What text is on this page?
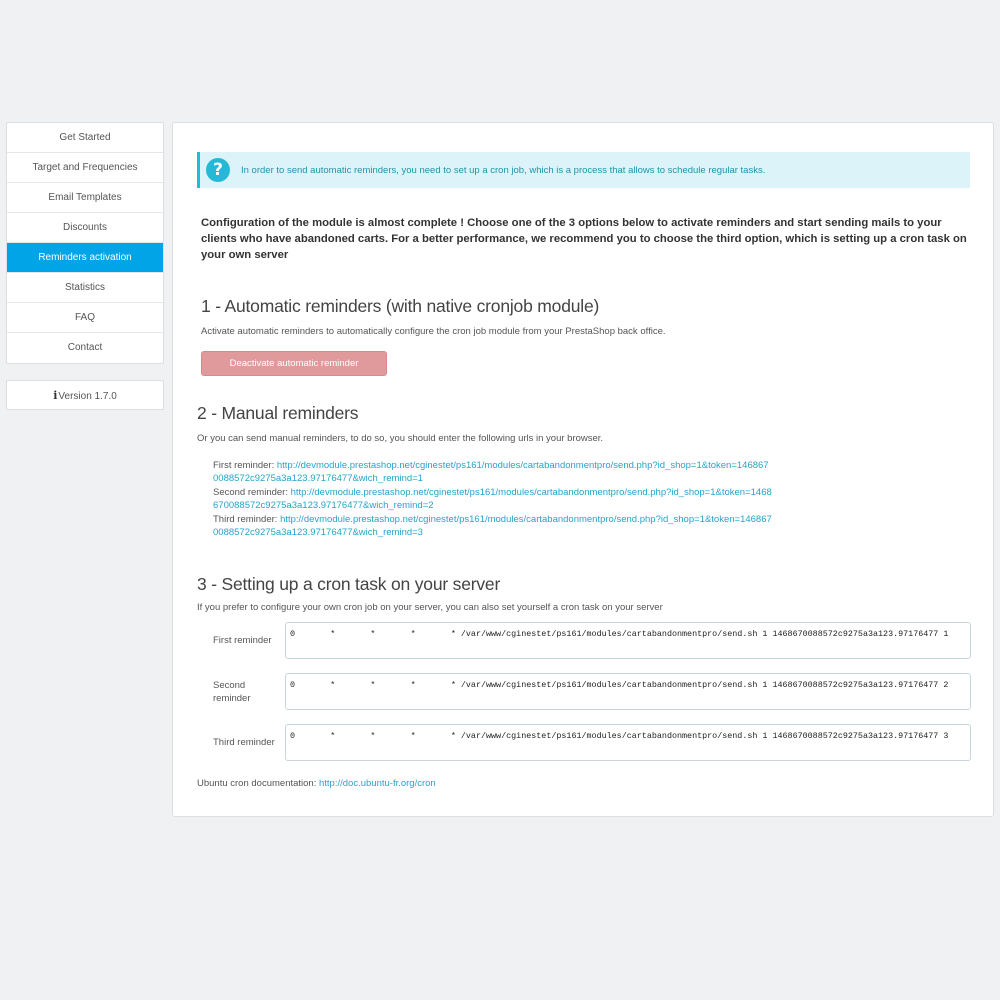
Get Started
Target and Frequencies
Email Templates
Discounts
Reminders activation
Statistics
FAQ
Contact
iVersion 1.7.0
?	In order to send automatic reminders, you need to set up a cron job, which is a process that allows to schedule regular tasks.
Configuration of the module is almost complete ! Choose one of the 3 options below to activate reminders and start sending mails to your clients who have abandoned carts. For a better performance, we recommend you to choose the third option, which is setting up a cron task on your own server
1 - Automatic reminders (with native cronjob module)
Activate automatic reminders to automatically configure the cron job module from your PrestaShop back office.
Deactivate automatic reminder
2 - Manual reminders
Or you can send manual reminders, to do so, you should enter the following urls in your browser.
First reminder: http://devmodule.prestashop.net/cginestet/ps161/modules/cartabandonmentpro/send.php?id_shop=1&token=1468670088572c9275a3a123.97176477&wich_remind=1
Second reminder: http://devmodule.prestashop.net/cginestet/ps161/modules/cartabandonmentpro/send.php?id_shop=1&token=1468670088572c9275a3a123.97176477&wich_remind=2
Third reminder: http://devmodule.prestashop.net/cginestet/ps161/modules/cartabandonmentpro/send.php?id_shop=1&token=1468670088572c9275a3a123.97176477&wich_remind=3
3 - Setting up a cron task on your server
If you prefer to configure your own cron job on your server, you can also set yourself a cron task on your server
First reminder
0	*	*	*	* /var/www/cginestet/ps161/modules/cartabandonmentpro/send.sh 1 1468670088572c9275a3a123.97176477 1
Second reminder
0	*	*	*	* /var/www/cginestet/ps161/modules/cartabandonmentpro/send.sh 1 1468670088572c9275a3a123.97176477 2
Third reminder
0	*	*	*	* /var/www/cginestet/ps161/modules/cartabandonmentpro/send.sh 1 1468670088572c9275a3a123.97176477 3
Ubuntu cron documentation: http://doc.ubuntu-fr.org/cron
